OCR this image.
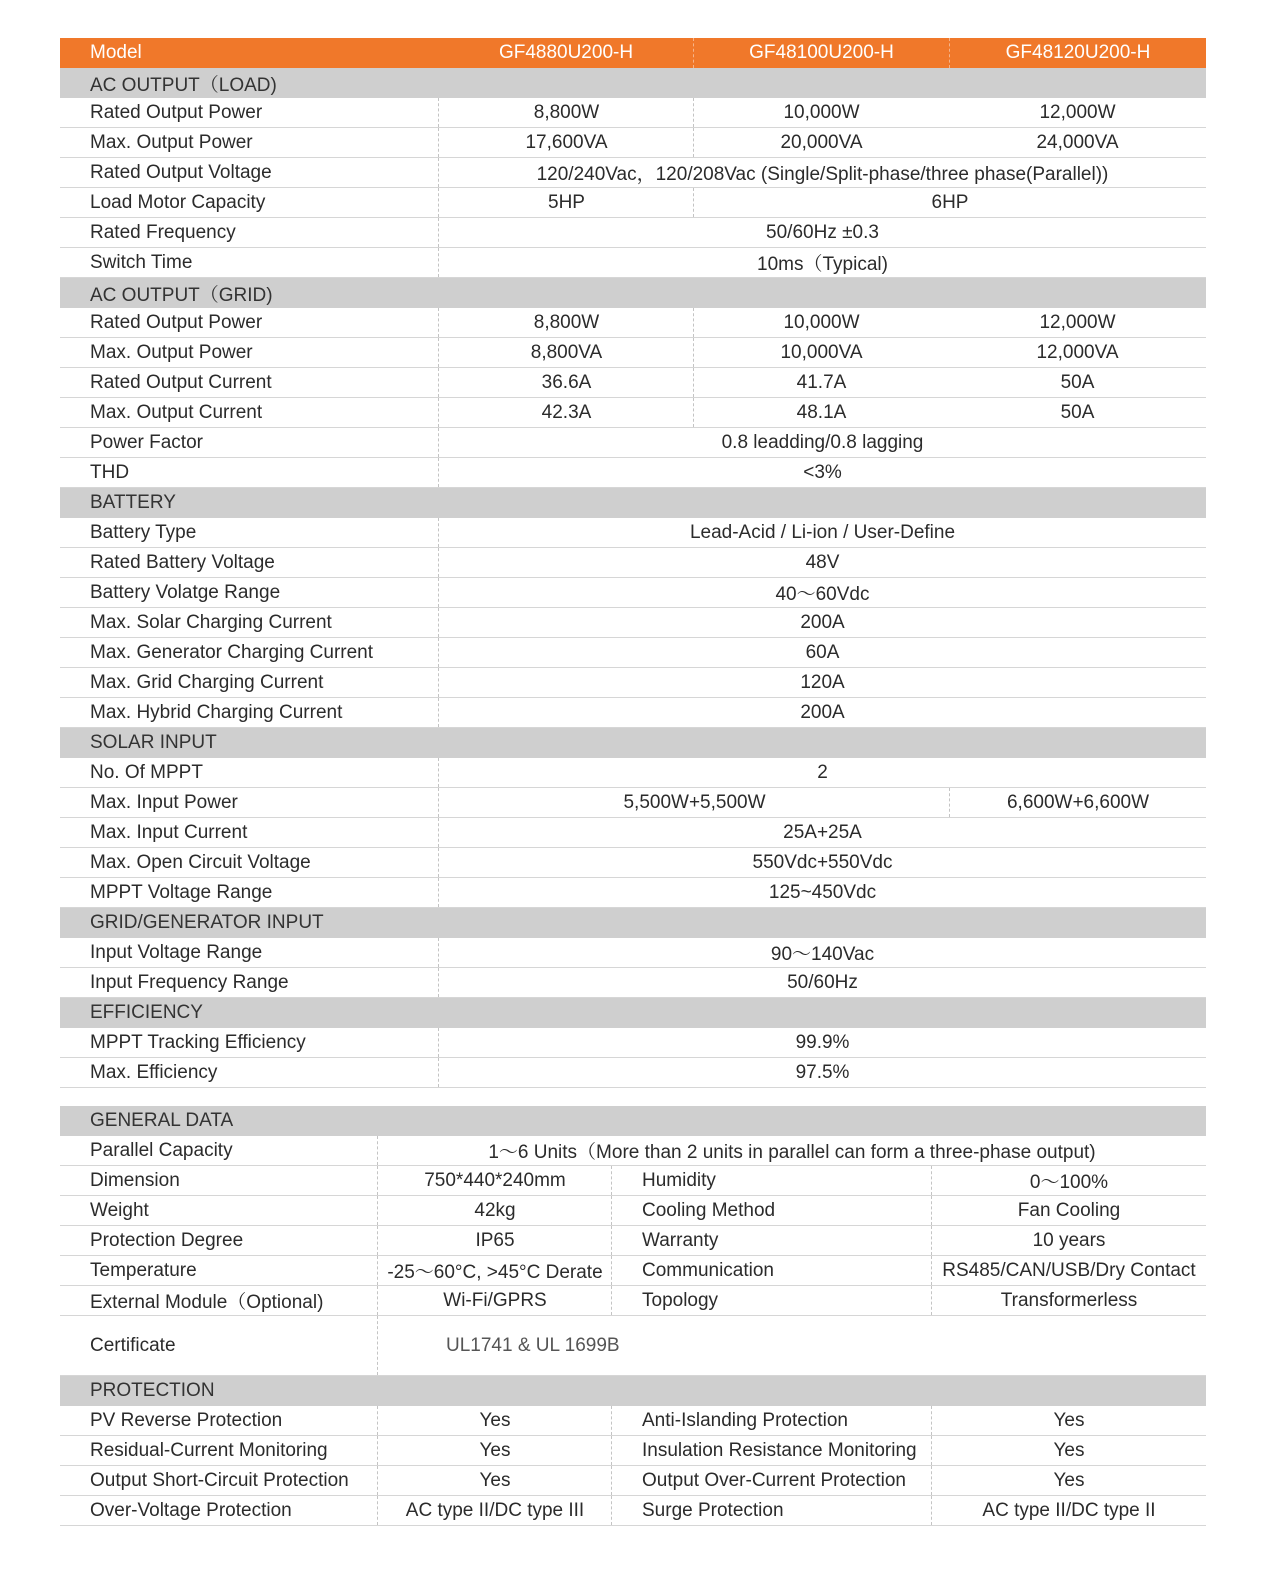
Model	GF4880U200-H	GF48100U200-H	GF48120U200-H
AC OUTPUT（LOAD)
Rated Output Power	8,800W	10,000W	12,000W
Max. Output Power	17,600VA	20,000VA	24,000VA
Rated Output Voltage	120/240Vac，120/208Vac (Single/Split-phase/three phase(Parallel))
Load Motor Capacity	5HP	6HP
Rated Frequency	50/60Hz ±0.3
Switch Time	10ms（Typical)
AC OUTPUT（GRID)
Rated Output Power	8,800W	10,000W	12,000W
Max. Output Power	8,800VA	10,000VA	12,000VA
Rated Output Current	36.6A	41.7A	50A
Max. Output Current	42.3A	48.1A	50A
Power Factor	0.8 leadding/0.8 lagging
THD	<3%
BATTERY
Battery Type	Lead-Acid / Li-ion / User-Define
Rated Battery Voltage	48V
Battery Volatge Range	40～60Vdc
Max. Solar Charging Current	200A
Max. Generator Charging Current	60A
Max. Grid Charging Current	120A
Max. Hybrid Charging Current	200A
SOLAR INPUT
No. Of MPPT	2
Max. Input Power	5,500W+5,500W	6,600W+6,600W
Max. Input Current	25A+25A
Max. Open Circuit Voltage	550Vdc+550Vdc
MPPT Voltage Range	125~450Vdc
GRID/GENERATOR INPUT
Input Voltage Range	90～140Vac
Input Frequency Range	50/60Hz
EFFICIENCY
MPPT Tracking Efficiency	99.9%
Max. Efficiency	97.5%
GENERAL DATA
Parallel Capacity	1～6 Units（More than 2 units in parallel can form a three-phase output)
Dimension	750*440*240mm	Humidity	0～100%
Weight	42kg	Cooling Method	Fan Cooling
Protection Degree	IP65	Warranty	10 years
Temperature	-25～60°C, >45°C Derate	Communication	RS485/CAN/USB/Dry Contact
External Module（Optional)	Wi-Fi/GPRS	Topology	Transformerless
Certificate	UL1741 & UL 1699B
PROTECTION
PV Reverse Protection	Yes	Anti-Islanding Protection	Yes
Residual-Current Monitoring	Yes	Insulation Resistance Monitoring	Yes
Output Short-Circuit Protection	Yes	Output Over-Current Protection	Yes
Over-Voltage Protection	AC type II/DC type III	Surge Protection	AC type II/DC type II
